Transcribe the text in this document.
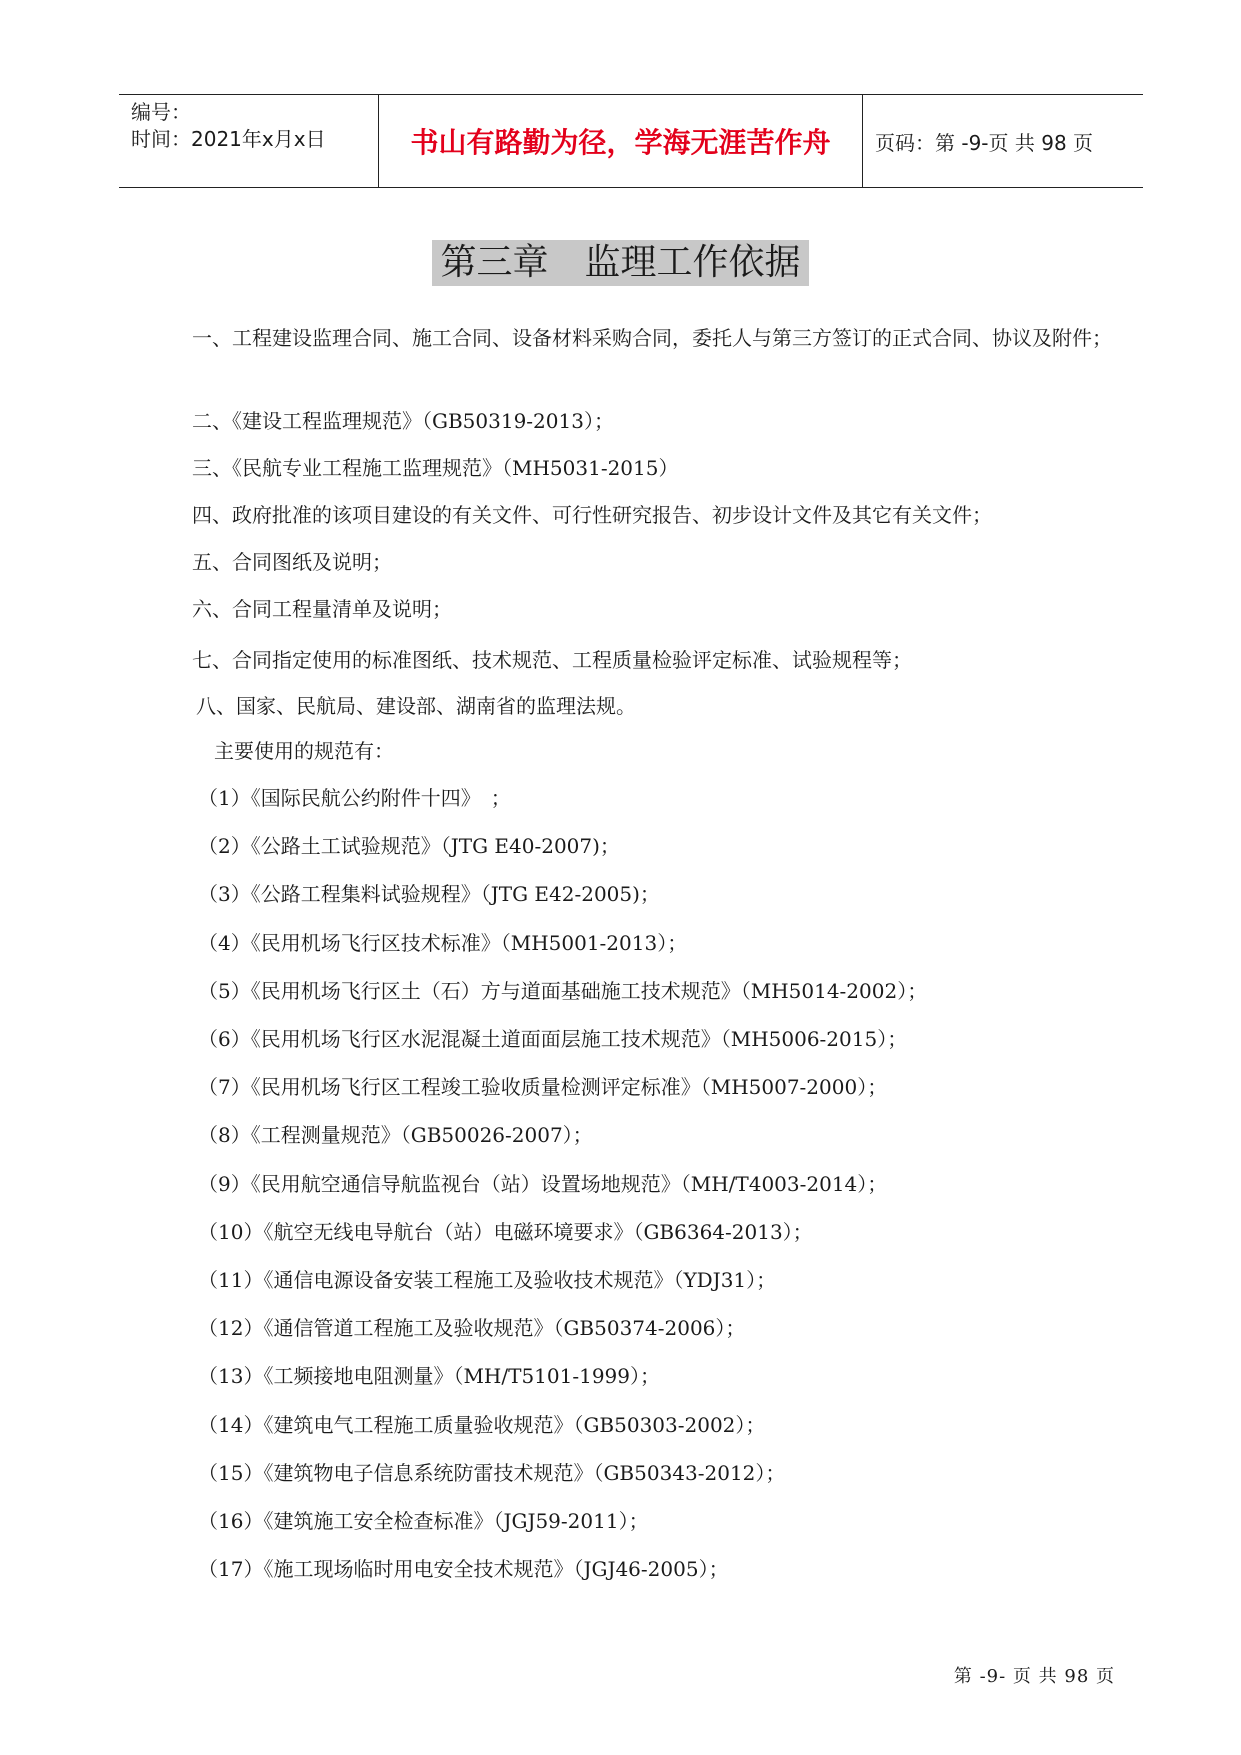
编号：
时间：2021年x月x日	书山有路勤为径，学海无涯苦作舟	页码：第 -9-页 共 98 页
第三章　监理工作依据
一、工程建设监理合同、施工合同、设备材料采购合同，委托人与第三方签订的正式合同、协议及附件；
二、《建设工程监理规范》（GB50319-2013）；
三、《民航专业工程施工监理规范》（MH5031-2015）
四、政府批准的该项目建设的有关文件、可行性研究报告、初步设计文件及其它有关文件；
五、合同图纸及说明；
六、合同工程量清单及说明；
七、合同指定使用的标准图纸、技术规范、工程质量检验评定标准、试验规程等；
八、国家、民航局、建设部、湖南省的监理法规。
主要使用的规范有：
（1）《国际民航公约附件十四》　；
（2）《公路土工试验规范》（JTG E40-2007)；
（3）《公路工程集料试验规程》（JTG E42-2005)；
（4）《民用机场飞行区技术标准》（MH5001-2013）；
（5）《民用机场飞行区土（石）方与道面基础施工技术规范》（MH5014-2002）；
（6）《民用机场飞行区水泥混凝土道面面层施工技术规范》（MH5006-2015）；
（7）《民用机场飞行区工程竣工验收质量检测评定标准》（MH5007-2000）；
（8）《工程测量规范》（GB50026-2007）；
（9）《民用航空通信导航监视台（站）设置场地规范》（MH/T4003-2014）；
（10）《航空无线电导航台（站）电磁环境要求》（GB6364-2013）；
（11）《通信电源设备安装工程施工及验收技术规范》（YDJ31）；
（12）《通信管道工程施工及验收规范》（GB50374-2006）；
（13）《工频接地电阻测量》（MH/T5101-1999）；
（14）《建筑电气工程施工质量验收规范》（GB50303-2002）；
（15）《建筑物电子信息系统防雷技术规范》（GB50343-2012）；
（16）《建筑施工安全检查标准》（JGJ59-2011）；
（17）《施工现场临时用电安全技术规范》（JGJ46-2005）；
第 -9- 页 共 98 页
